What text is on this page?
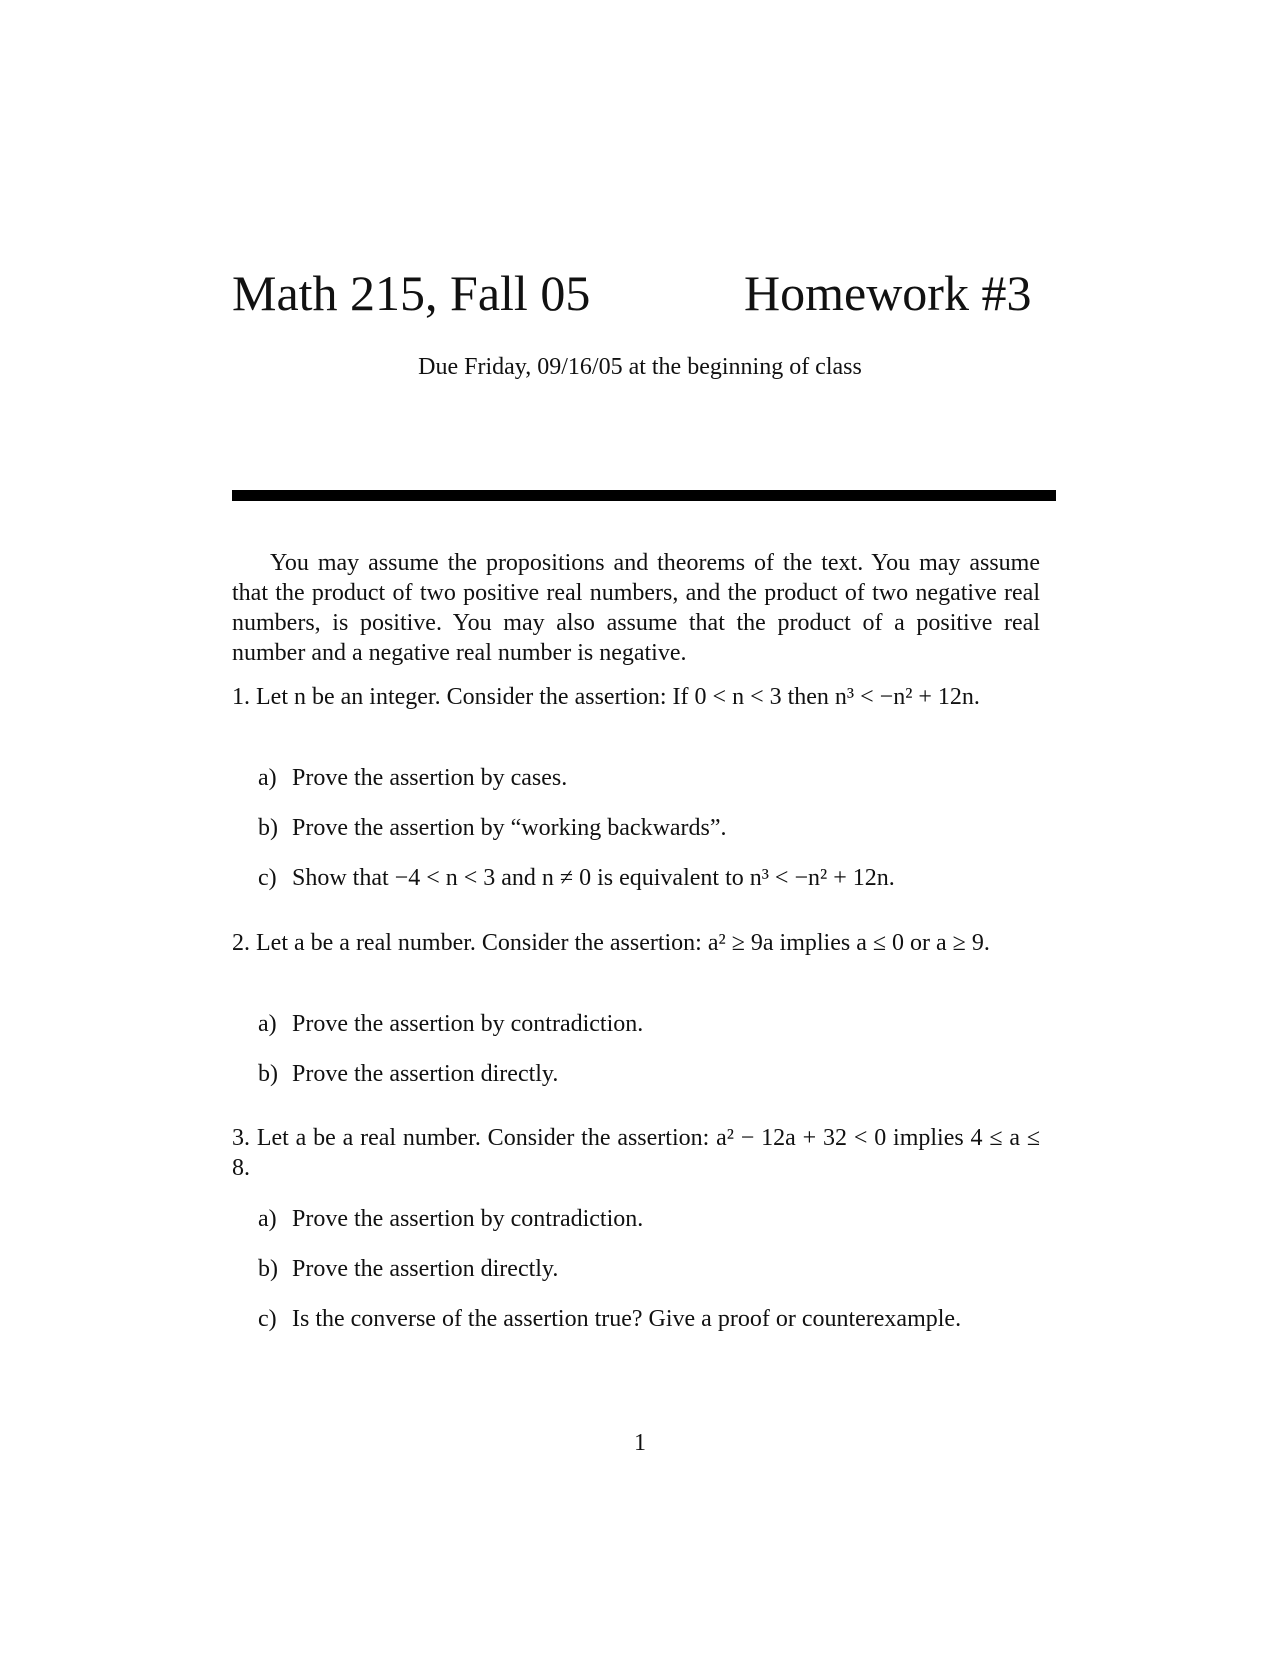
Math 215, Fall 05	Homework #3
Due Friday, 09/16/05 at the beginning of class
You may assume the propositions and theorems of the text. You may assume that the product of two positive real numbers, and the product of two negative real numbers, is positive. You may also assume that the product of a positive real number and a negative real number is negative.
1. Let n be an integer. Consider the assertion: If 0 < n < 3 then n³ < −n² + 12n.
a) Prove the assertion by cases.
b) Prove the assertion by “working backwards”.
c) Show that −4 < n < 3 and n ≠ 0 is equivalent to n³ < −n² + 12n.
2. Let a be a real number. Consider the assertion: a² ≥ 9a implies a ≤ 0 or a ≥ 9.
a) Prove the assertion by contradiction.
b) Prove the assertion directly.
3. Let a be a real number. Consider the assertion: a² − 12a + 32 < 0 implies 4 ≤ a ≤ 8.
a) Prove the assertion by contradiction.
b) Prove the assertion directly.
c) Is the converse of the assertion true? Give a proof or counterexample.
1
